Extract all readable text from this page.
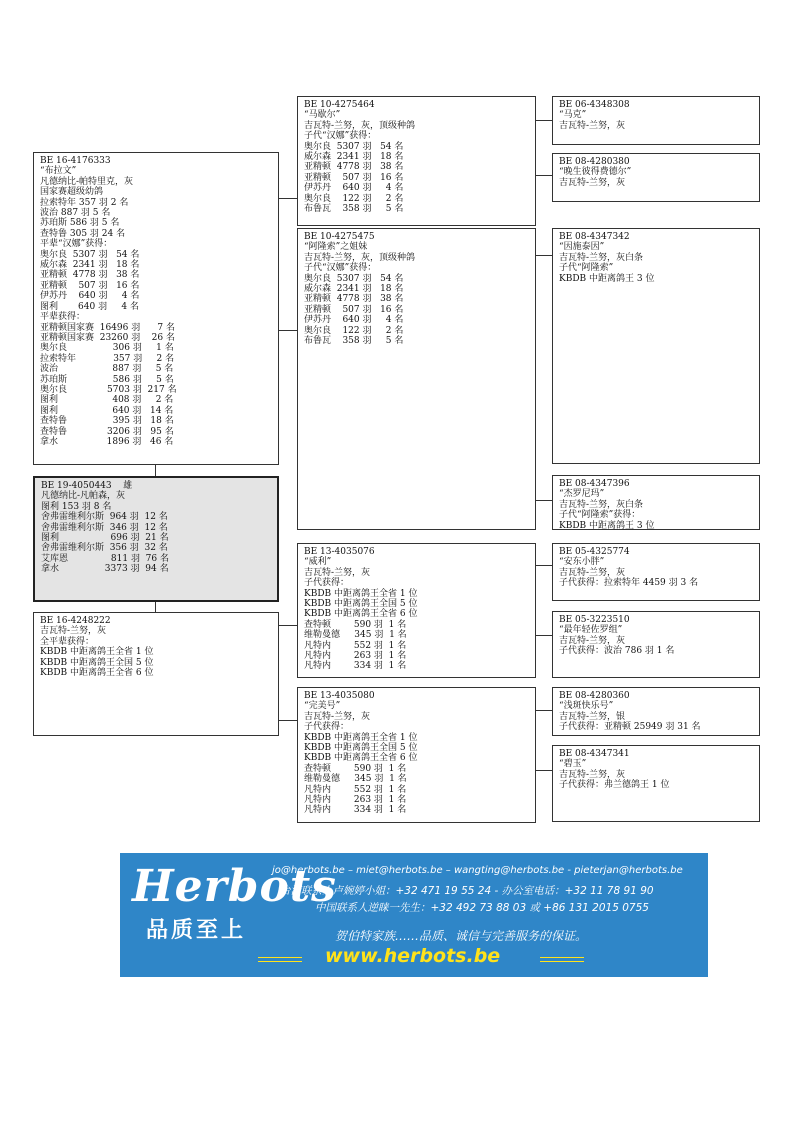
BE 16-4176333
“布拉文”
凡德纳比-帕特里克，灰
国家赛超级幼鸽
拉索特年 357 羽 2 名
波治 887 羽 5 名
苏珀斯 586 羽 5 名
查特鲁 305 羽 24 名
平辈“汉娜”获得：
奥尔良  5307 羽   54 名
威尔森  2341 羽   18 名
亚精顿  4778 羽   38 名
亚精顿    507 羽   16 名
伊苏丹    640 羽     4 名
图利       640 羽     4 名
平辈获得：
亚精顿国家赛  16496 羽      7 名
亚精顿国家赛  23260 羽    26 名
奥尔良                306 羽     1 名
拉索特年             357 羽     2 名
波治                   887 羽     5 名
苏珀斯                586 羽     5 名
奥尔良              5703 羽  217 名
图利                   408 羽     2 名
图利                   640 羽   14 名
查特鲁                395 羽   18 名
查特鲁              3206 羽   95 名
拿水                 1896 羽   46 名
BE 19-4050443    雄
凡德纳比-凡帕森，灰
图利 153 羽 8 名
舍弗雷维利尔斯  964 羽  12 名
舍弗雷维利尔斯  346 羽  12 名
图利                  696 羽  21 名
舍弗雷维利尔斯  356 羽  32 名
艾库恩               811 羽  76 名
拿水                3373 羽  94 名
BE 16-4248222
吉瓦特-兰努，灰
全平辈获得：
KBDB 中距离鸽王全省 1 位
KBDB 中距离鸽王全国 5 位
KBDB 中距离鸽王全省 6 位
BE 10-4275464
“马歇尔”
吉瓦特-兰努，灰，顶级种鸽
子代“汉娜”获得：
奥尔良  5307 羽   54 名
威尔森  2341 羽   18 名
亚精顿  4778 羽   38 名
亚精顿    507 羽   16 名
伊苏丹    640 羽     4 名
奥尔良    122 羽     2 名
布鲁瓦    358 羽     5 名
BE 10-4275475
“阿隆索”之姐妹
吉瓦特-兰努，灰，顶级种鸽
子代“汉娜”获得：
奥尔良  5307 羽   54 名
威尔森  2341 羽   18 名
亚精顿  4778 羽   38 名
亚精顿    507 羽   16 名
伊苏丹    640 羽     4 名
奥尔良    122 羽     2 名
布鲁瓦    358 羽     5 名
BE 13-4035076
“威利”
吉瓦特-兰努，灰
子代获得：
KBDB 中距离鸽王全省 1 位
KBDB 中距离鸽王全国 5 位
KBDB 中距离鸽王全省 6 位
查特顿        590 羽  1 名
维勒曼德     345 羽  1 名
凡特内        552 羽  1 名
凡特内        263 羽  1 名
凡特内        334 羽  1 名
BE 13-4035080
“完美号”
吉瓦特-兰努，灰
子代获得：
KBDB 中距离鸽王全省 1 位
KBDB 中距离鸽王全国 5 位
KBDB 中距离鸽王全省 6 位
查特顿        590 羽  1 名
维勒曼德     345 羽  1 名
凡特内        552 羽  1 名
凡特内        263 羽  1 名
凡特内        334 羽  1 名
BE 06-4348308
“马克”
吉瓦特-兰努，灰
BE 08-4280380
“晚生彼得费德尔”
吉瓦特-兰努，灰
BE 08-4347342
“因施泰因”
吉瓦特-兰努，灰白条
子代“阿隆索”
KBDB 中距离鸽王 3 位
BE 08-4347396
“杰罗尼玛”
吉瓦特-兰努，灰白条
子代“阿隆索”获得：
KBDB 中距离鸽王 3 位
BE 05-4325774
“安东小胖”
吉瓦特-兰努，灰
子代获得：拉索特年 4459 羽 3 名
BE 05-3223510
“最年轻佐罗组”
吉瓦特-兰努，灰
子代获得：波治 786 羽 1 名
BE 08-4280360
“浅斑快乐号”
吉瓦特-兰努，银
子代获得：亚精顿 25949 羽 31 名
BE 08-4347341
“碧玉”
吉瓦特-兰努，灰
子代获得：弗兰德鸽王 1 位
Herbots
品质至上
jo@herbots.be – miet@herbots.be – wangting@herbots.be - pieterjan@herbots.be
台湾联系人卢婉婷小姐：+32 471 19 55 24 - 办公室电话：+32 11 78 91 90
中国联系人逆睐一先生：+32 492 73 88 03 或 +86 131 2015 0755
贺伯特家族……品质、诚信与完善服务的保证。
www.herbots.be
